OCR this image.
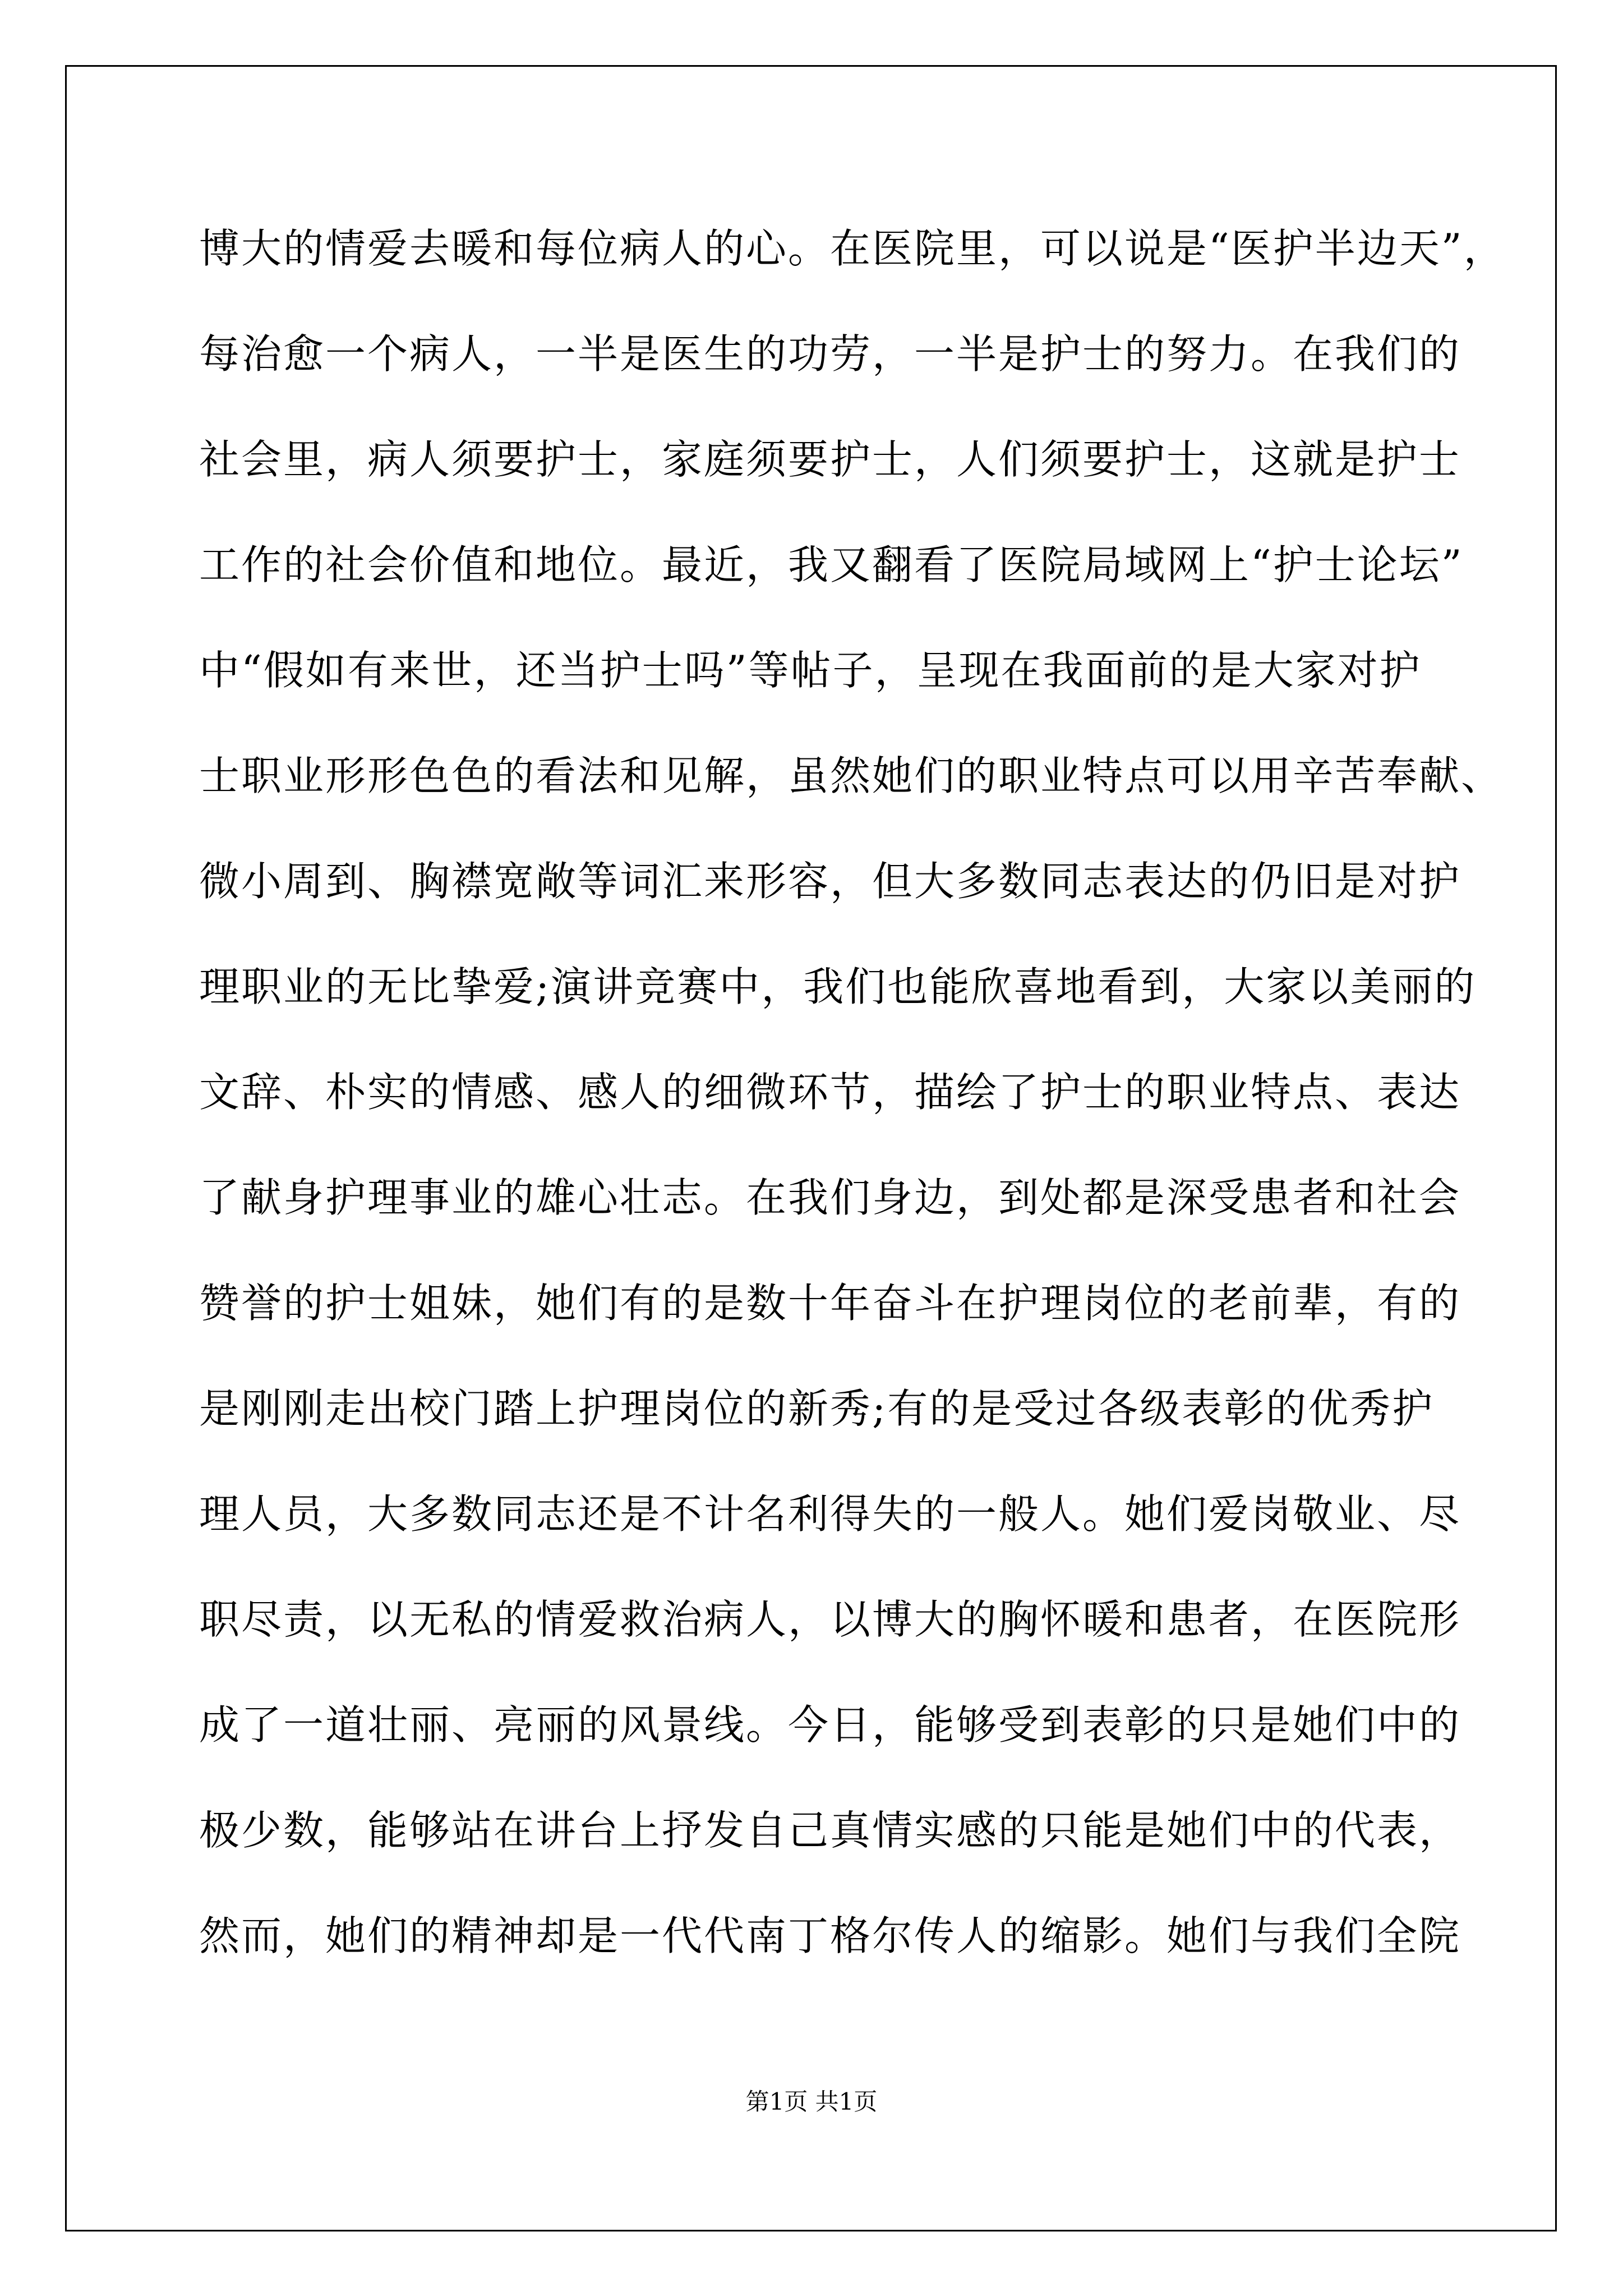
博大的情爱去暖和每位病人的心。在医院里，可以说是“医护半边天”，
每治愈一个病人，一半是医生的功劳，一半是护士的努力。在我们的
社会里，病人须要护士，家庭须要护士，人们须要护士，这就是护士
工作的社会价值和地位。最近，我又翻看了医院局域网上“护士论坛”
中“假如有来世，还当护士吗”等帖子，呈现在我面前的是大家对护
士职业形形色色的看法和见解，虽然她们的职业特点可以用辛苦奉献、
微小周到、胸襟宽敞等词汇来形容，但大多数同志表达的仍旧是对护
理职业的无比挚爱;演讲竞赛中，我们也能欣喜地看到，大家以美丽的
文辞、朴实的情感、感人的细微环节，描绘了护士的职业特点、表达
了献身护理事业的雄心壮志。在我们身边，到处都是深受患者和社会
赞誉的护士姐妹，她们有的是数十年奋斗在护理岗位的老前辈，有的
是刚刚走出校门踏上护理岗位的新秀;有的是受过各级表彰的优秀护
理人员，大多数同志还是不计名利得失的一般人。她们爱岗敬业、尽
职尽责，以无私的情爱救治病人，以博大的胸怀暖和患者，在医院形
成了一道壮丽、亮丽的风景线。今日，能够受到表彰的只是她们中的
极少数，能够站在讲台上抒发自己真情实感的只能是她们中的代表，
然而，她们的精神却是一代代南丁格尔传人的缩影。她们与我们全院
第1页 共1页
